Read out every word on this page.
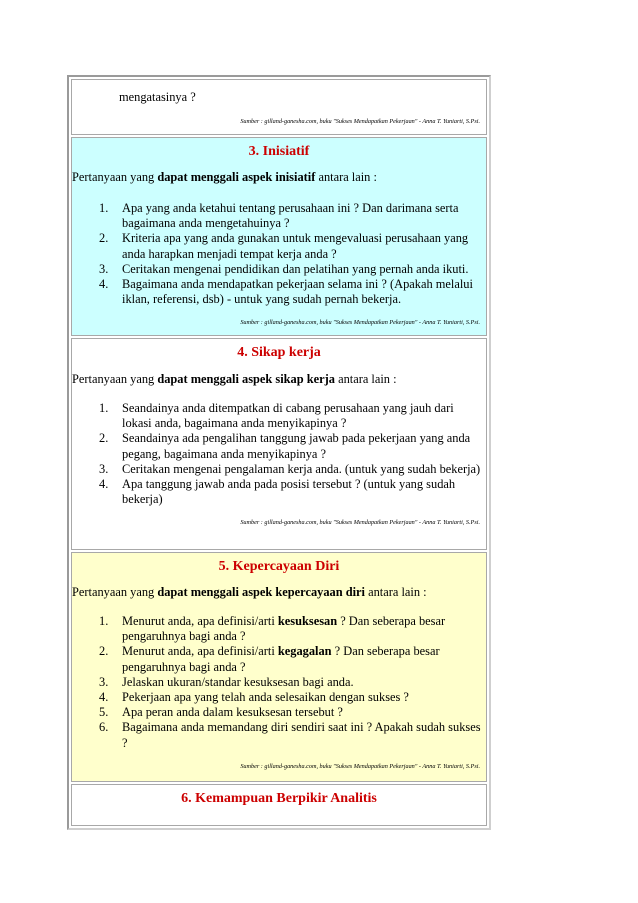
mengatasinya ?
Sumber : gilland-ganesha.com, buku "Sukses Mendapatkan Pekerjaan" - Anna T. Yuniarti, S.Psi.
3. Inisiatif
Pertanyaan yang dapat menggali aspek inisiatif antara lain :
1. Apa yang anda ketahui tentang perusahaan ini ? Dan darimana serta bagaimana anda mengetahuinya ?
2. Kriteria apa yang anda gunakan untuk mengevaluasi perusahaan yang anda harapkan menjadi tempat kerja anda ?
3. Ceritakan mengenai pendidikan dan pelatihan yang pernah anda ikuti.
4. Bagaimana anda mendapatkan pekerjaan selama ini ? (Apakah melalui iklan, referensi, dsb) - untuk yang sudah pernah bekerja.
Sumber : gilland-ganesha.com, buku "Sukses Mendapatkan Pekerjaan" - Anna T. Yuniarti, S.Psi.
4. Sikap kerja
Pertanyaan yang dapat menggali aspek sikap kerja antara lain :
1. Seandainya anda ditempatkan di cabang perusahaan yang jauh dari lokasi anda, bagaimana anda menyikapinya ?
2. Seandainya ada pengalihan tanggung jawab pada pekerjaan yang anda pegang, bagaimana anda menyikapinya ?
3. Ceritakan mengenai pengalaman kerja anda. (untuk yang sudah bekerja)
4. Apa tanggung jawab anda pada posisi tersebut ? (untuk yang sudah bekerja)
Sumber : gilland-ganesha.com, buku "Sukses Mendapatkan Pekerjaan" - Anna T. Yuniarti, S.Psi.
5. Kepercayaan Diri
Pertanyaan yang dapat menggali aspek kepercayaan diri antara lain :
1. Menurut anda, apa definisi/arti kesuksesan ? Dan seberapa besar pengaruhnya bagi anda ?
2. Menurut anda, apa definisi/arti kegagalan ? Dan seberapa besar pengaruhnya bagi anda ?
3. Jelaskan ukuran/standar kesuksesan bagi anda.
4. Pekerjaan apa yang telah anda selesaikan dengan sukses ?
5. Apa peran anda dalam kesuksesan tersebut ?
6. Bagaimana anda memandang diri sendiri saat ini ? Apakah sudah sukses ?
Sumber : gilland-ganesha.com, buku "Sukses Mendapatkan Pekerjaan" - Anna T. Yuniarti, S.Psi.
6. Kemampuan Berpikir Analitis
